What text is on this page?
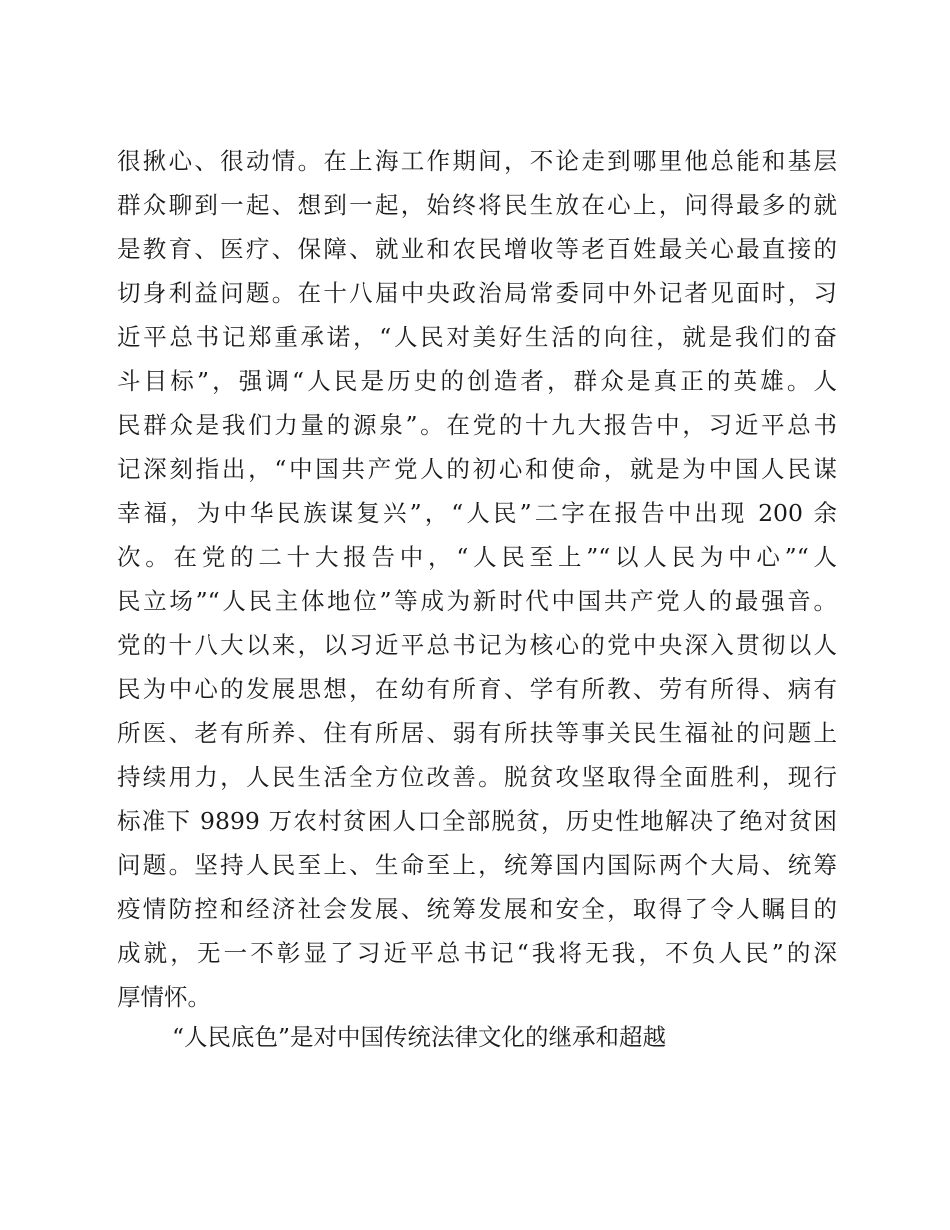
很揪心、很动情。在上海工作期间，不论走到哪里他总能和基层
群众聊到一起、想到一起，始终将民生放在心上，问得最多的就
是教育、医疗、保障、就业和农民增收等老百姓最关心最直接的
切身利益问题。在十八届中央政治局常委同中外记者见面时，习
近平总书记郑重承诺，“人民对美好生活的向往，就是我们的奋
斗目标”，强调“人民是历史的创造者，群众是真正的英雄。人
民群众是我们力量的源泉”。在党的十九大报告中，习近平总书
记深刻指出，“中国共产党人的初心和使命，就是为中国人民谋
幸福，为中华民族谋复兴”，“人民”二字在报告中出现 200 余
次。在党的二十大报告中，“人民至上”“以人民为中心”“人
民立场”“人民主体地位”等成为新时代中国共产党人的最强音。
党的十八大以来，以习近平总书记为核心的党中央深入贯彻以人
民为中心的发展思想，在幼有所育、学有所教、劳有所得、病有
所医、老有所养、住有所居、弱有所扶等事关民生福祉的问题上
持续用力，人民生活全方位改善。脱贫攻坚取得全面胜利，现行
标准下 9899 万农村贫困人口全部脱贫，历史性地解决了绝对贫困
问题。坚持人民至上、生命至上，统筹国内国际两个大局、统筹
疫情防控和经济社会发展、统筹发展和安全，取得了令人瞩目的
成就，无一不彰显了习近平总书记“我将无我，不负人民”的深
厚情怀。
“人民底色”是对中国传统法律文化的继承和超越
